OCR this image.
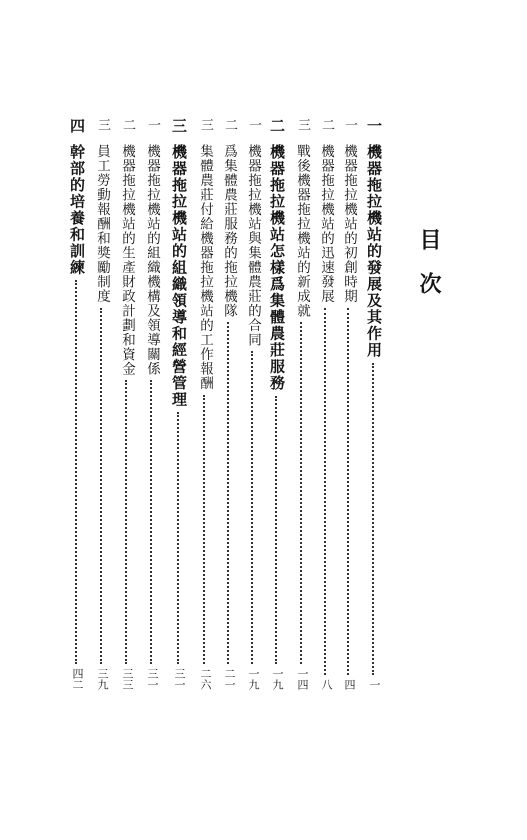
目次
一
機器拖拉機站的發展及其作用
一
一
機器拖拉機站的初創時期
四
二
機器拖拉機站的迅速發展
八
三
戰後機器拖拉機站的新成就
一四
二
機器拖拉機站怎樣爲集體農莊服務
一九
一
機器拖拉機站與集體農莊的合同
一九
二
爲集體農莊服務的拖拉機隊
二一
三
集體農莊付給機器拖拉機站的工作報酬
二六
三
機器拖拉機站的組織領導和經營管理
三一
一
機器拖拉機站的組織機構及領導關係
三一
二
機器拖拉機站的生產財政計劃和資金
三三
三
員工勞動報酬和獎勵制度
三九
四
幹部的培養和訓練
四二
